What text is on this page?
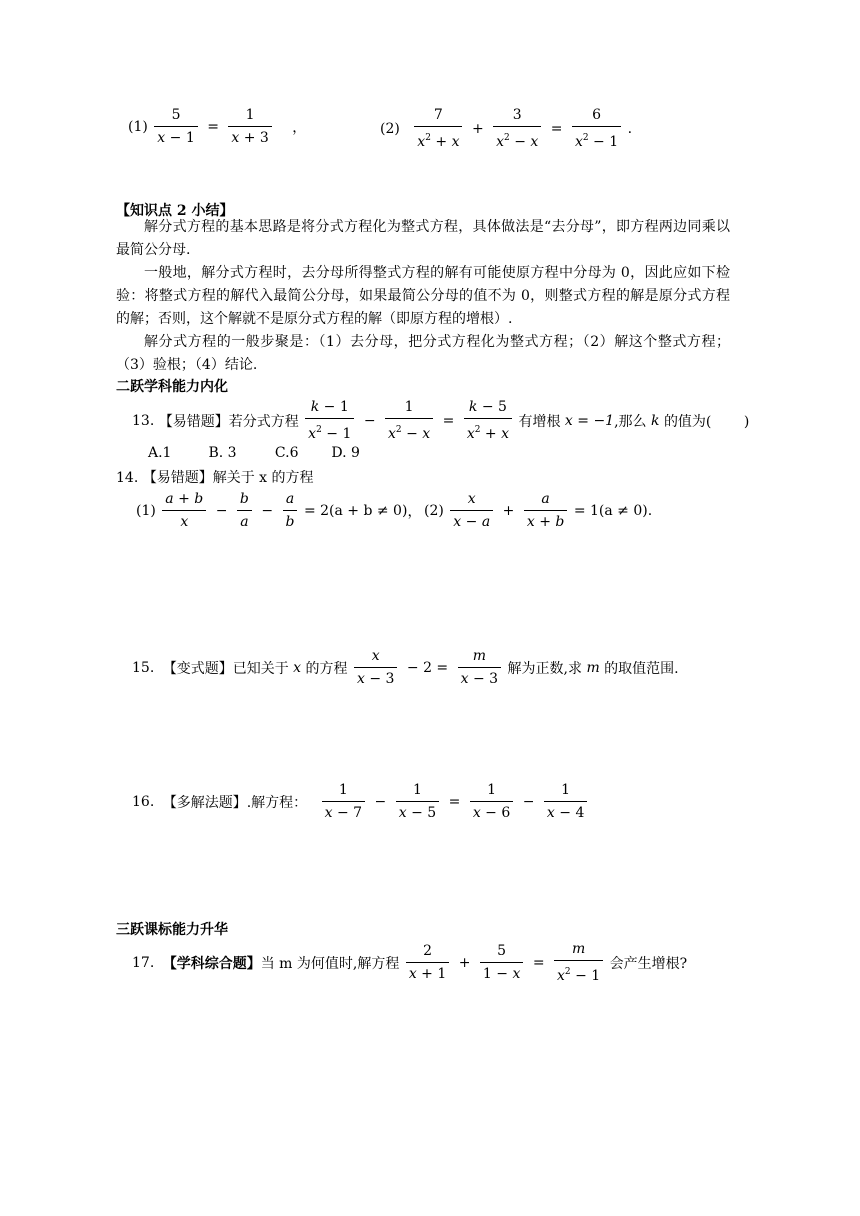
$(1) \frac{5}{x - 1} = \frac{1}{x + 3}$ ，	$(2) \frac{7}{x^2 + x} + \frac{3}{x^2 - x} = \frac{6}{x^2 - 1}$ .
【知识点 2 小结】
解分式方程的基本思路是将分式方程化为整式方程，具体做法是“去分母”，即方程两边同乘以最简公分母.
一般地，解分式方程时，去分母所得整式方程的解有可能使原方程中分母为 0，因此应如下检验：将整式方程的解代入最简公分母，如果最简公分母的值不为 0，则整式方程的解是原分式方程的解；否则，这个解就不是原分式方程的解（即原方程的增根）.
解分式方程的一般步聚是：（1）去分母，把分式方程化为整式方程；（2）解这个整式方程；（3）验根；（4）结论.
二跃学科能力内化
13. 【易错题】若分式方程 $\frac{k - 1}{x^2 - 1} - \frac{1}{x^2 - x} = \frac{k - 5}{x^2 + x}$ 有增根 x = −1,那么 k 的值为(　　 )
A.1	B. 3	C.6 D. 9
14. 【易错题】解关于 x 的方程
$(1) \frac{a + b}{x} - \frac{b}{a} - \frac{a}{b} = 2(a + b \ne 0)$， $(2) \frac{x}{x - a} + \frac{a}{x + b} = 1(a \ne 0)$.
15. 【变式题】已知关于 x 的方程 $\frac{x}{x - 3} - 2 = \frac{m}{x - 3}$ 解为正数,求 m 的取值范围.
16. 【多解法题】.解方程： $\frac{1}{x - 7} - \frac{1}{x - 5} = \frac{1}{x - 6} - \frac{1}{x - 4}$
三跃课标能力升华
17. 【学科综合题】当 m 为何值时,解方程 $\frac{2}{x + 1} + \frac{5}{1 - x} = \frac{m}{x^2 - 1}$ 会产生增根?
